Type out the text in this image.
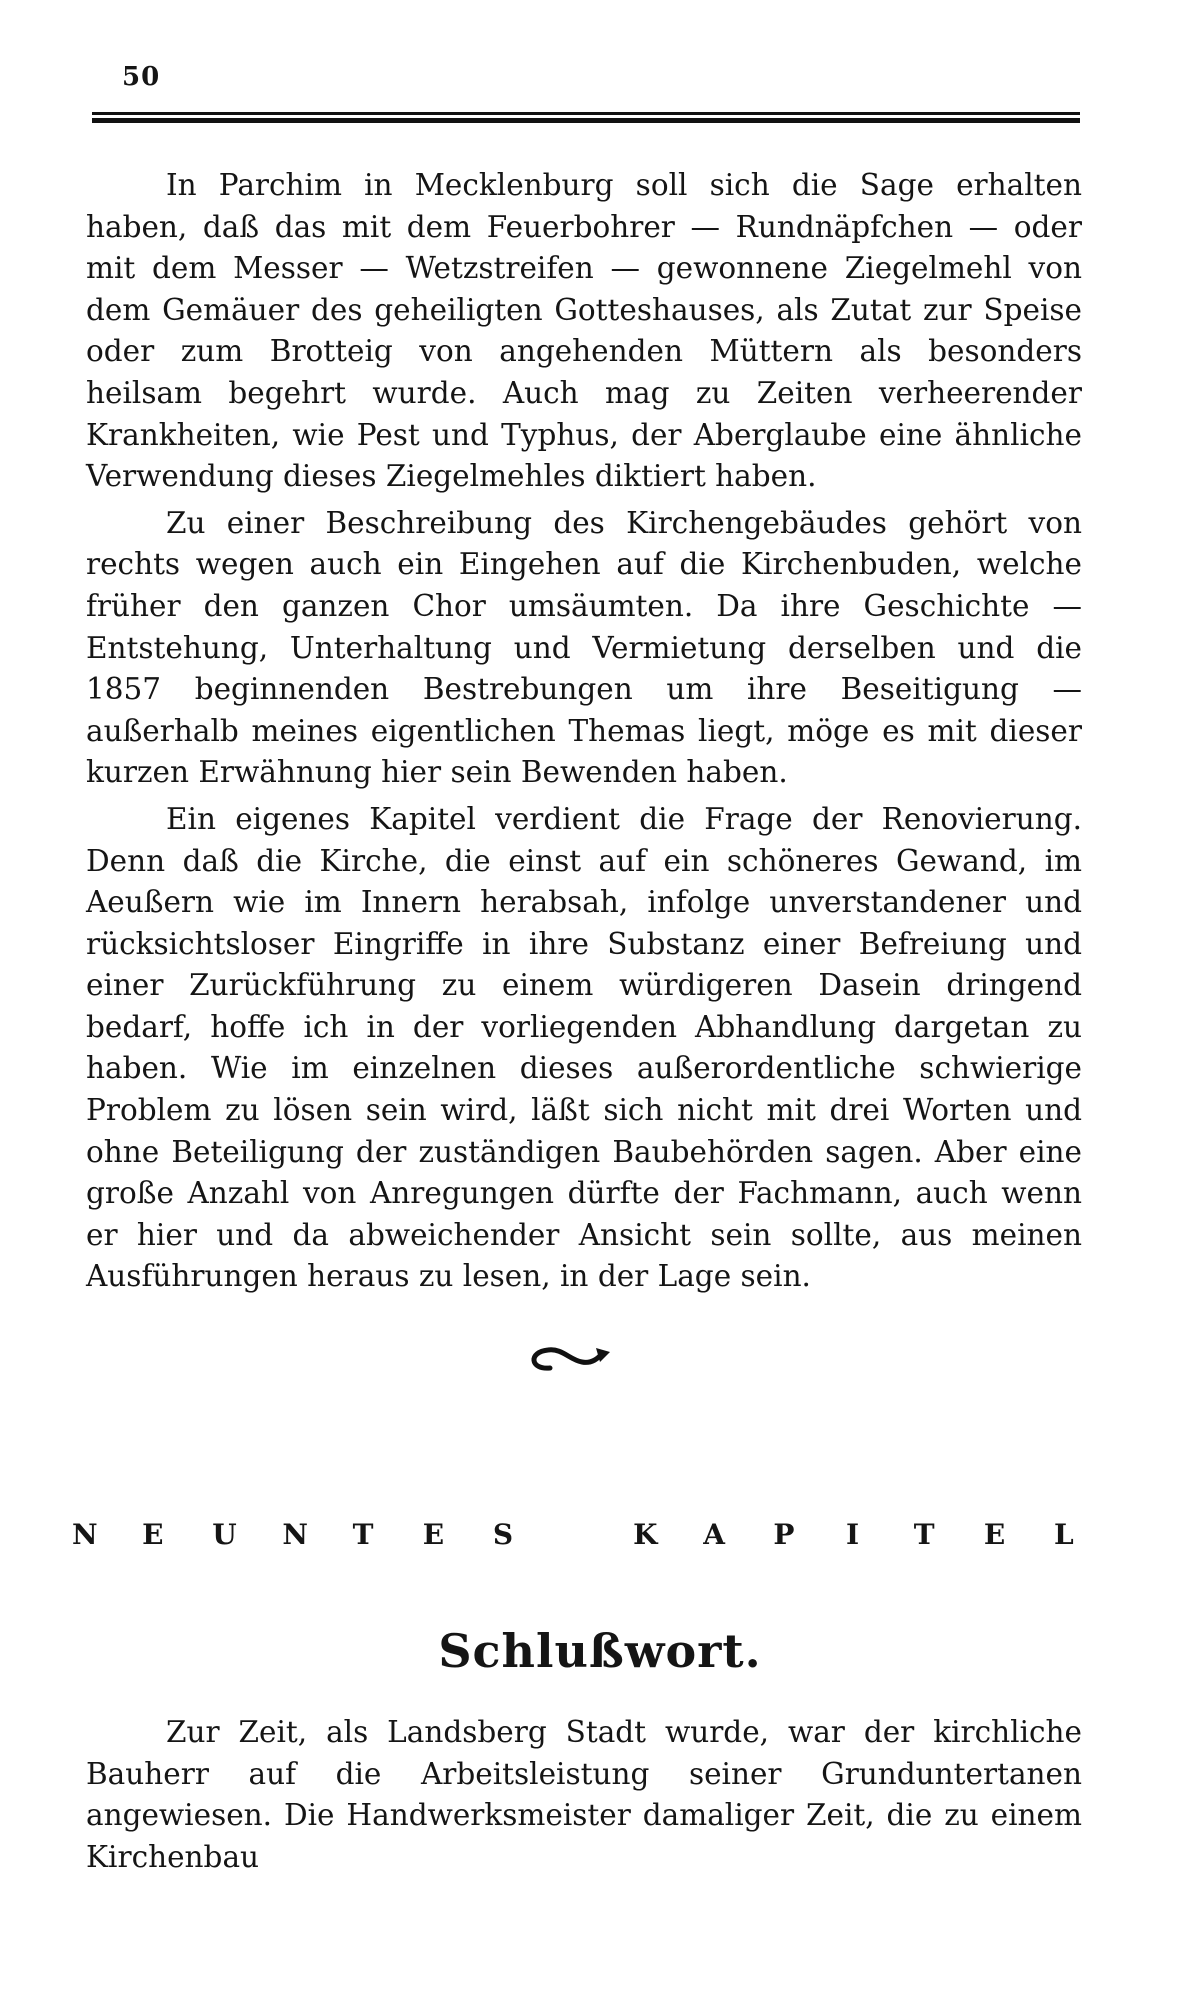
50

In Parchim in Mecklenburg soll sich die Sage erhalten haben, daß das mit dem Feuerbohrer — Rundnäpfchen — oder mit dem Messer — Wetzstreifen — gewonnene Ziegelmehl von dem Gemäuer des geheiligten Gotteshauses, als Zutat zur Speise oder zum Brotteig von angehenden Müttern als besonders heilsam begehrt wurde. Auch mag zu Zeiten verheerender Krankheiten, wie Pest und Typhus, der Aberglaube eine ähnliche Verwendung dieses Ziegelmehles diktiert haben.

Zu einer Beschreibung des Kirchengebäudes gehört von rechts wegen auch ein Eingehen auf die Kirchenbuden, welche früher den ganzen Chor umsäumten. Da ihre Geschichte — Entstehung, Unterhaltung und Vermietung derselben und die 1857 beginnenden Bestrebungen um ihre Beseitigung — außerhalb meines eigentlichen Themas liegt, möge es mit dieser kurzen Erwähnung hier sein Bewenden haben.

Ein eigenes Kapitel verdient die Frage der Renovierung. Denn daß die Kirche, die einst auf ein schöneres Gewand, im Aeußern wie im Innern herabsah, infolge unverstandener und rücksichtsloser Eingriffe in ihre Substanz einer Befreiung und einer Zurückführung zu einem würdigeren Dasein dringend bedarf, hoffe ich in der vorliegenden Abhandlung dargetan zu haben. Wie im einzelnen dieses außerordentliche schwierige Problem zu lösen sein wird, läßt sich nicht mit drei Worten und ohne Beteiligung der zuständigen Baubehörden sagen. Aber eine große Anzahl von Anregungen dürfte der Fachmann, auch wenn er hier und da abweichender Ansicht sein sollte, aus meinen Ausführungen heraus zu lesen, in der Lage sein.

N E U N T E S	K A P I T E L
Schlußwort.

Zur Zeit, als Landsberg Stadt wurde, war der kirchliche Bauherr auf die Arbeitsleistung seiner Grunduntertanen angewiesen. Die Handwerksmeister damaliger Zeit, die zu einem Kirchenbau
